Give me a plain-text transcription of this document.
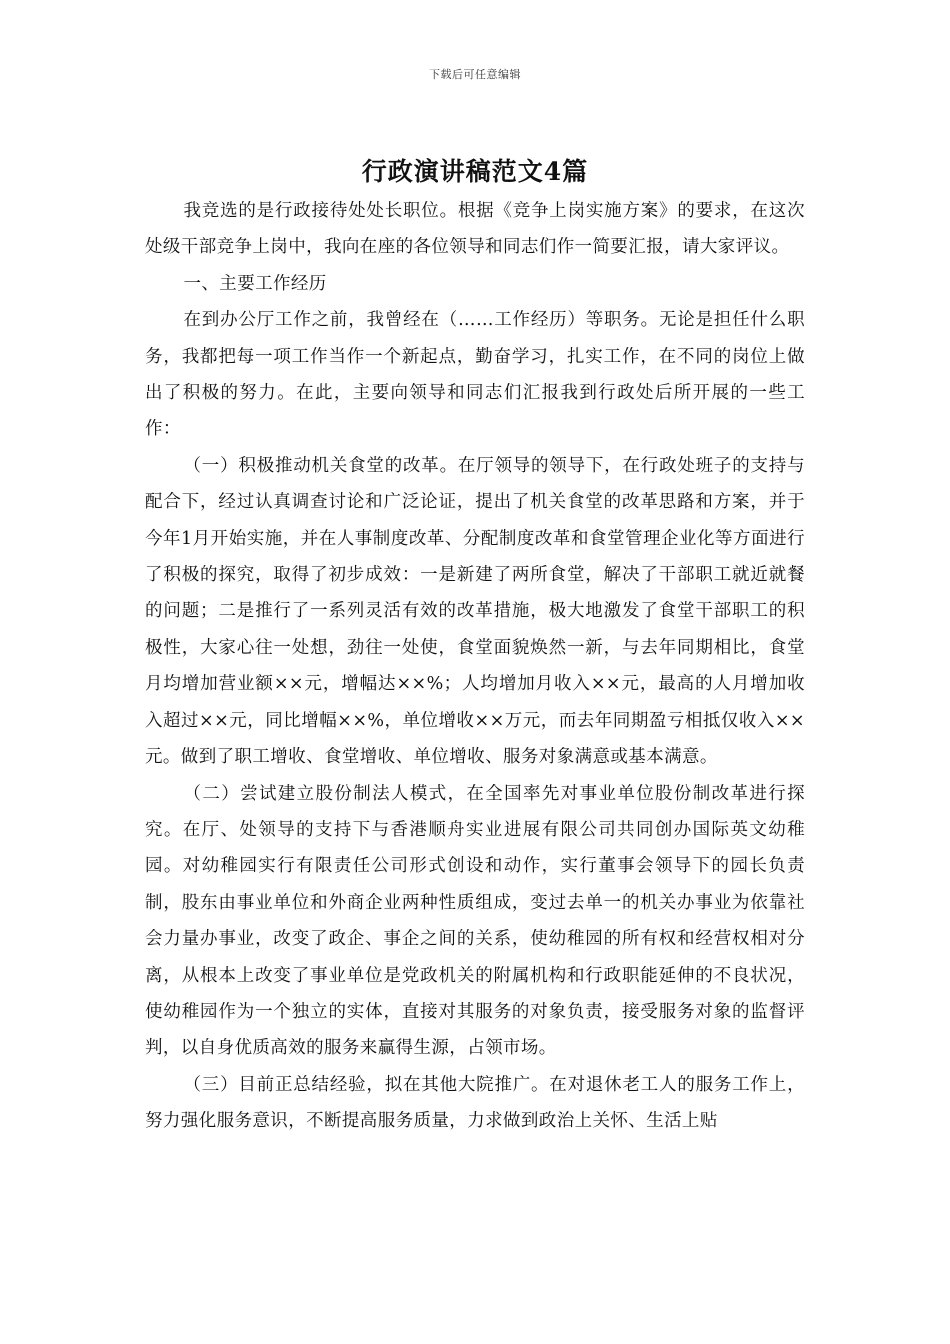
下载后可任意编辑
行政演讲稿范文4篇

我竞选的是行政接待处处长职位。根据《竞争上岗实施方案》的要求，在这次处级干部竞争上岗中，我向在座的各位领导和同志们作一简要汇报，请大家评议。

一、主要工作经历

在到办公厅工作之前，我曾经在（……工作经历）等职务。无论是担任什么职务，我都把每一项工作当作一个新起点，勤奋学习，扎实工作，在不同的岗位上做出了积极的努力。在此，主要向领导和同志们汇报我到行政处后所开展的一些工作：

（一）积极推动机关食堂的改革。在厅领导的领导下，在行政处班子的支持与配合下，经过认真调查讨论和广泛论证，提出了机关食堂的改革思路和方案，并于今年1月开始实施，并在人事制度改革、分配制度改革和食堂管理企业化等方面进行了积极的探究，取得了初步成效：一是新建了两所食堂，解决了干部职工就近就餐的问题；二是推行了一系列灵活有效的改革措施，极大地激发了食堂干部职工的积极性，大家心往一处想，劲往一处使，食堂面貌焕然一新，与去年同期相比，食堂月均增加营业额××元，增幅达××%；人均增加月收入××元，最高的人月增加收入超过××元，同比增幅××%，单位增收××万元，而去年同期盈亏相抵仅收入××元。做到了职工增收、食堂增收、单位增收、服务对象满意或基本满意。

（二）尝试建立股份制法人模式，在全国率先对事业单位股份制改革进行探究。在厅、处领导的支持下与香港顺舟实业进展有限公司共同创办国际英文幼稚园。对幼稚园实行有限责任公司形式创设和动作，实行董事会领导下的园长负责制，股东由事业单位和外商企业两种性质组成，变过去单一的机关办事业为依靠社会力量办事业，改变了政企、事企之间的关系，使幼稚园的所有权和经营权相对分离，从根本上改变了事业单位是党政机关的附属机构和行政职能延伸的不良状况，使幼稚园作为一个独立的实体，直接对其服务的对象负责，接受服务对象的监督评判，以自身优质高效的服务来赢得生源，占领市场。

（三）目前正总结经验，拟在其他大院推广。在对退休老工人的服务工作上，努力强化服务意识，不断提高服务质量，力求做到政治上关怀、生活上贴
